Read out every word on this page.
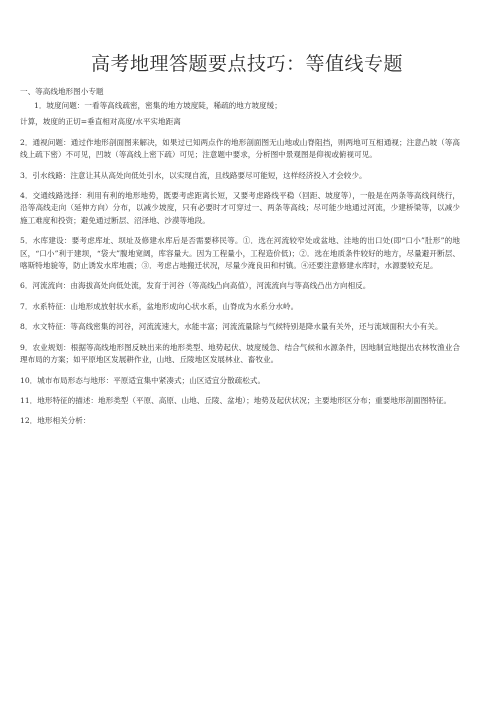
高考地理答题要点技巧：等值线专题
一、等高线地形图小专题

1．坡度问题：一看等高线疏密，密集的地方坡度陡，稀疏的地方坡度缓；

计算，坡度的正切=垂直相对高度/水平实地距离

2．通视问题：通过作地形剖面图来解决，如果过已知两点作的地形剖面图无山地或山脊阻挡，则两地可互相通视；注意凸坡（等高线上疏下密）不可见，凹坡（等高线上密下疏）可见；注意题中要求，分析图中景观图是仰视或俯视可见。

3．引水线路：注意让其从高处向低处引水，以实现自流，且线路要尽可能短，这样经济投入才会较少。

4．交通线路选择：利用有利的地形地势，既要考虑距离长短，又要考虑路线平稳（回距、坡度等），一般是在两条等高线间绕行，沿等高线走向（延伸方向）分布，以减少坡度，只有必要时才可穿过一、两条等高线；尽可能少地通过河流，少建桥梁等，以减少施工难度和投资；避免通过断层、沼泽地、沙漠等地段。

5．水库建设：要考虑库址、坝址及修建水库后是否需要移民等。①．选在河流较窄处或盆地、洼地的出口处(即“口小”肚形”的地区，“口小”利于建坝，“袋大”腹地宽阔，库容量大。因为工程量小，工程造价低)；②．选在地质条件较好的地方，尽量避开断层、喀斯特地貌等，防止诱发水库地震；③．考虑占地搬迁状况，尽量少淹良田和村镇。④还要注意修建水库时，水源要较充足。

6．河流流向：由海拔高处向低处流，发育于河谷（等高线凸向高值），河流流向与等高线凸出方向相反。

7．水系特征：山地形成放射状水系，盆地形成向心状水系，山脊成为水系分水岭。

8．水文特征：等高线密集的河谷，河流流速大，水能丰富；河流流量除与气候特别是降水量有关外，还与流域面积大小有关。

9．农业规划：根据等高线地形图反映出来的地形类型、地势起伏、坡度缓急、结合气候和水源条件，因地制宜地提出农林牧渔业合理布局的方案；如平原地区发展耕作业，山地、丘陵地区发展林业、畜牧业。

10．城市布局形态与地形：平原适宜集中紧凑式；山区适宜分散疏松式。

11．地形特征的描述：地形类型（平原、高原、山地、丘陵、盆地）；地势及起伏状况；主要地形区分布；重要地形剖面图特征。

12．地形相关分析：
